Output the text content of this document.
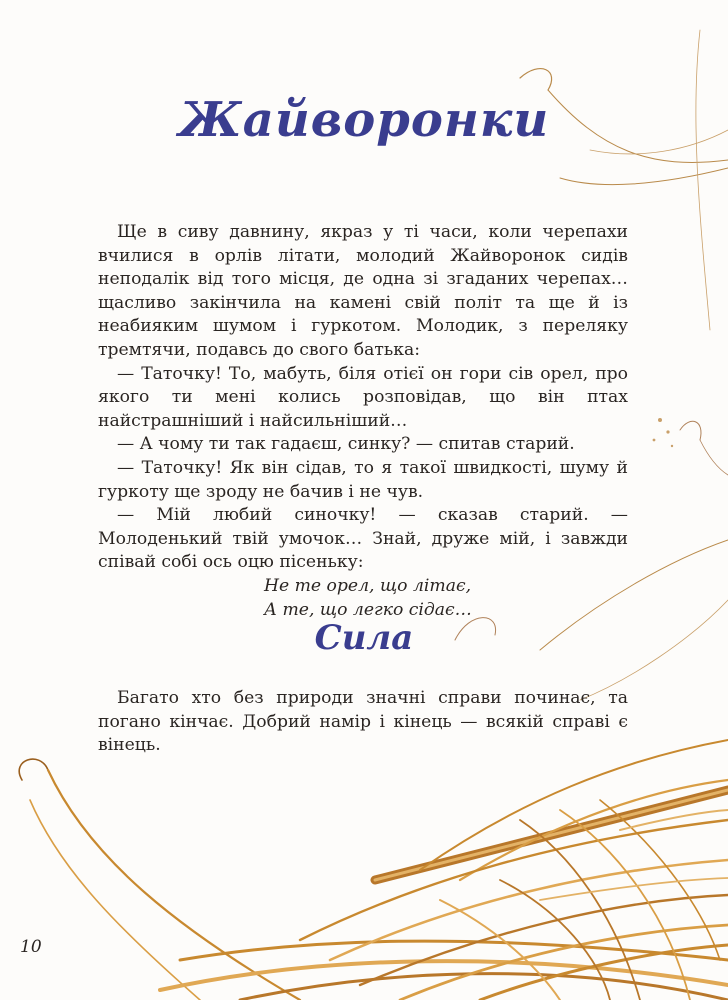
Жайворонки

Ще в сиву давнину, якраз у ті часи, коли черепахи вчилися в орлів літати, молодий Жайворонок сидів неподалік від того місця, де одна зі згаданих черепах… щасливо закінчила на камені свій політ та ще й із неабияким шумом і гуркотом. Молодик, з переляку тремтячи, подавсь до свого батька:

— Таточку! То, мабуть, біля отієї он гори сів орел, про якого ти мені колись розповідав, що він птах найстрашніший і найсильніший…

— А чому ти так гадаєш, синку? — спитав старий.

— Таточку! Як він сідав, то я такої швидкості, шуму й гуркоту ще зроду не бачив і не чув.

— Мій любий синочку! — сказав старий. — Молоденький твій умочок… Знай, друже мій, і завжди співай собі ось оцю пісеньку:

Не те орел, що літає,
А те, що легко сідає…

Сила

Багато хто без природи значні справи починає, та погано кінчає. Добрий намір і кінець — всякій справі є вінець.

10
